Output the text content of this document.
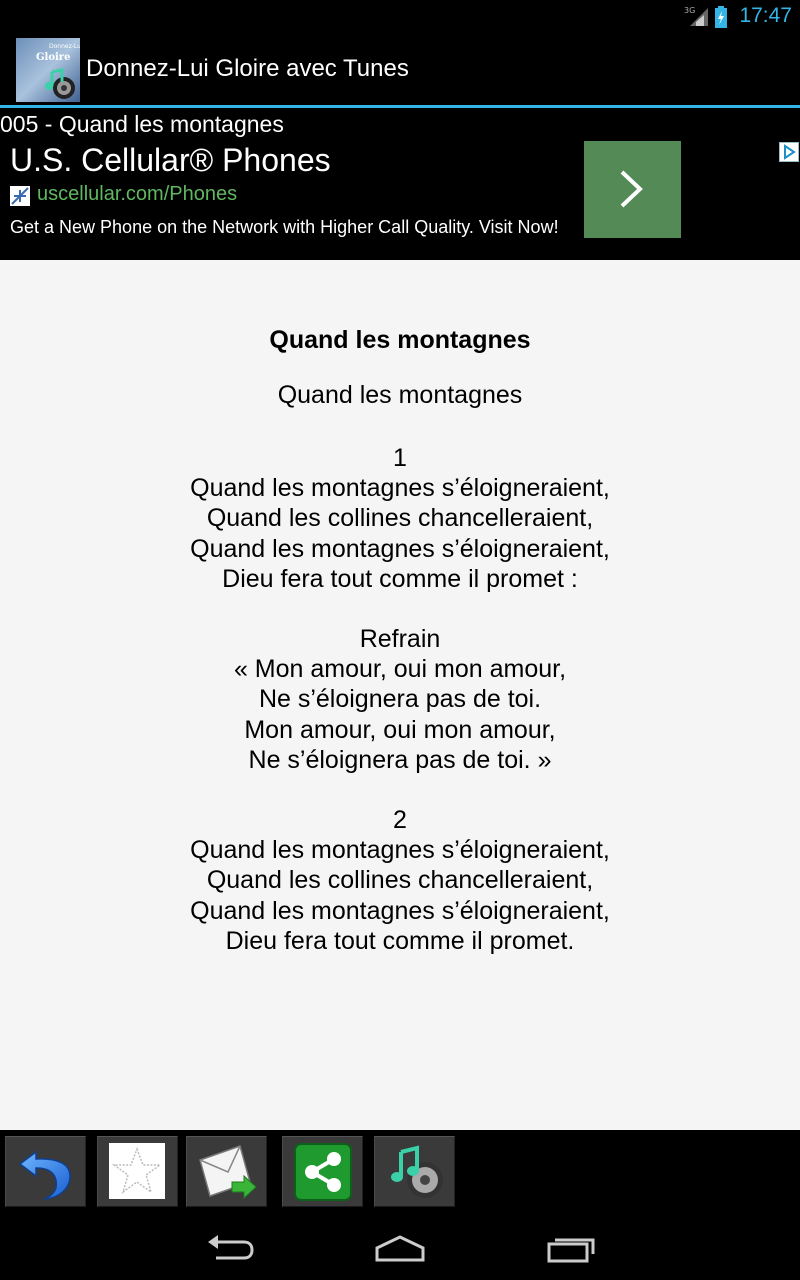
3G 17:47
Donnez-Lui
Gloire Donnez-Lui Gloire avec Tunes
005 - Quand les montagnes
U.S. Cellular® Phones
uscellular.com/Phones
Get a New Phone on the Network with Higher Call Quality. Visit Now!
Quand les montagnes
Quand les montagnes
1
Quand les montagnes s’éloigneraient,
Quand les collines chancelleraient,
Quand les montagnes s’éloigneraient,
Dieu fera tout comme il promet :
Refrain
« Mon amour, oui mon amour,
Ne s’éloignera pas de toi.
Mon amour, oui mon amour,
Ne s’éloignera pas de toi. »
2
Quand les montagnes s’éloigneraient,
Quand les collines chancelleraient,
Quand les montagnes s’éloigneraient,
Dieu fera tout comme il promet.
